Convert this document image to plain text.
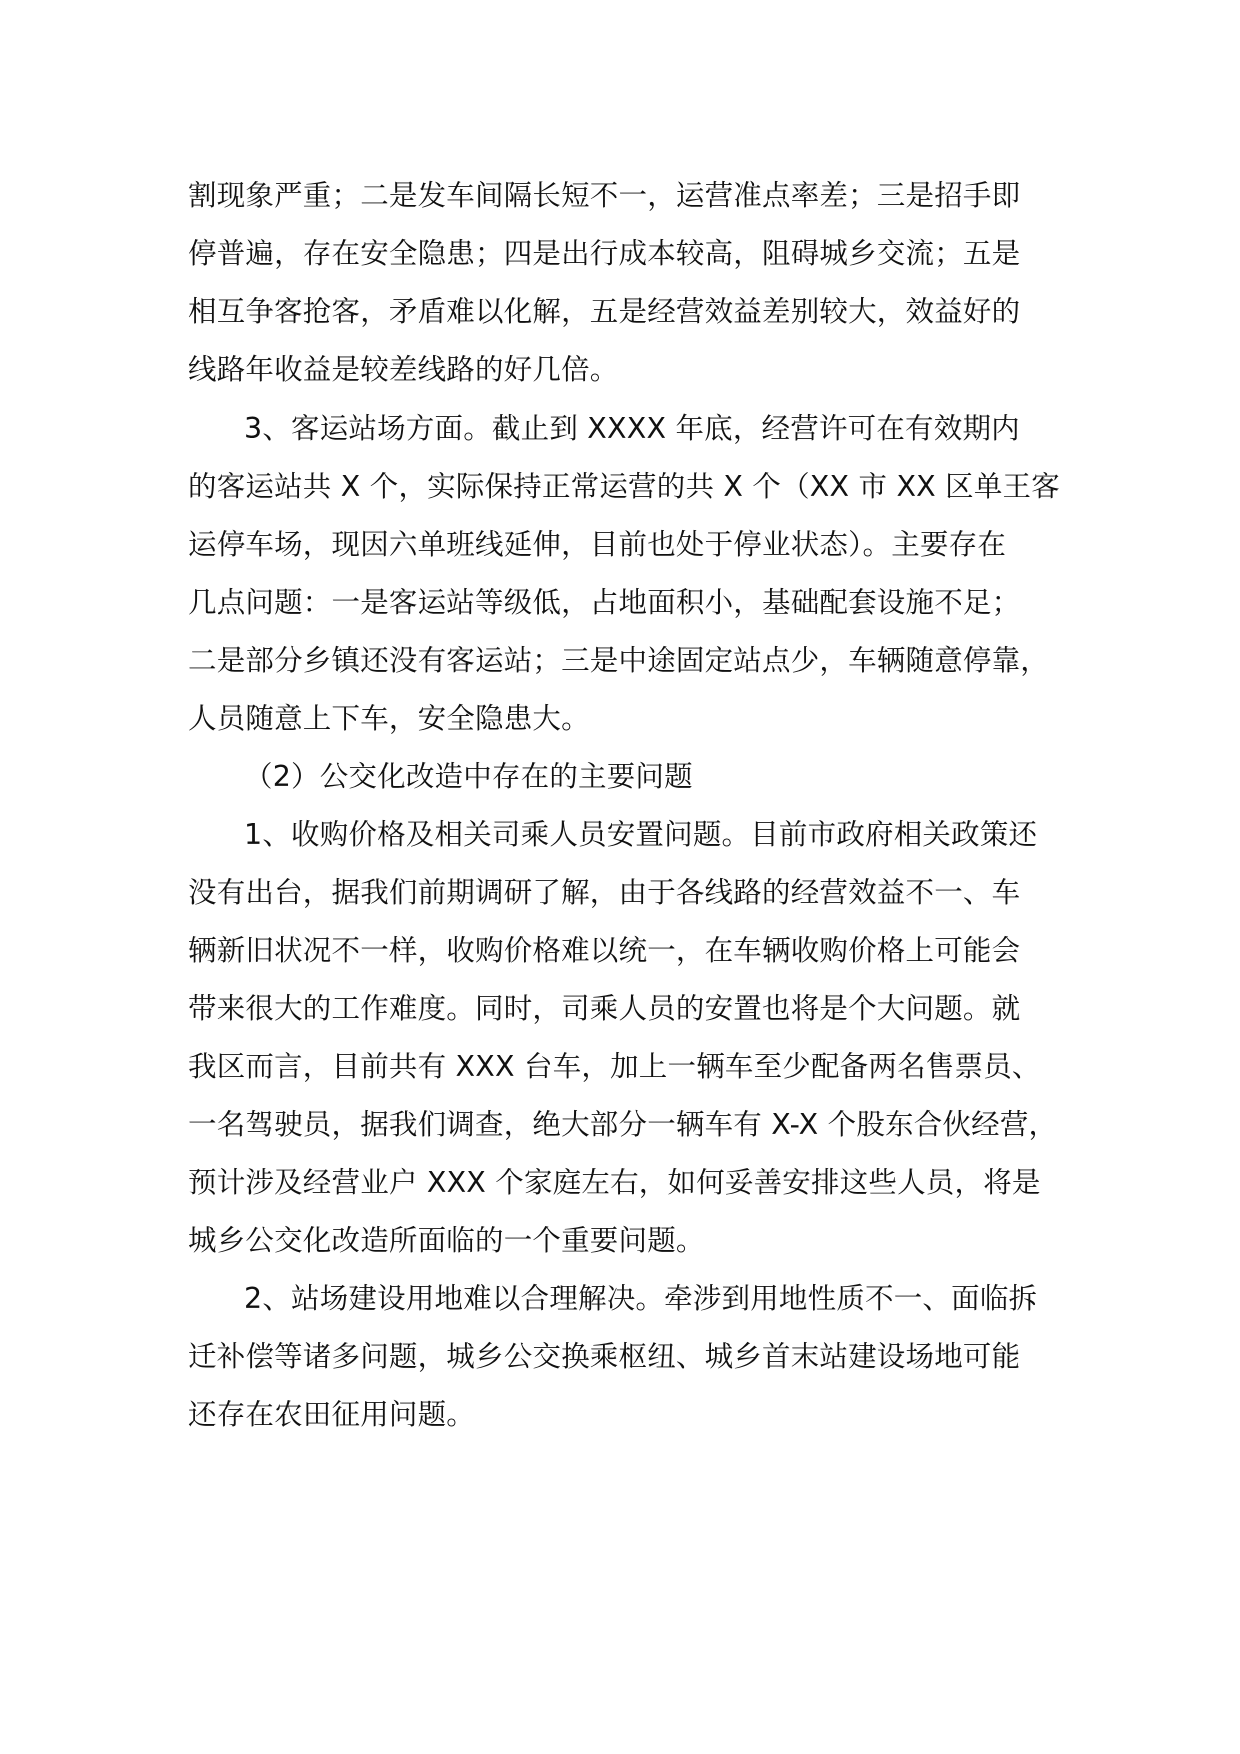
割现象严重；二是发车间隔长短不一，运营准点率差；三是招手即
停普遍，存在安全隐患；四是出行成本较高，阻碍城乡交流；五是
相互争客抢客，矛盾难以化解，五是经营效益差别较大，效益好的
线路年收益是较差线路的好几倍。
3、客运站场方面。截止到 XXXX 年底，经营许可在有效期内
的客运站共 X 个，实际保持正常运营的共 X 个（XX 市 XX 区单王客
运停车场，现因六单班线延伸，目前也处于停业状态）。主要存在
几点问题：一是客运站等级低，占地面积小，基础配套设施不足；
二是部分乡镇还没有客运站；三是中途固定站点少，车辆随意停靠，
人员随意上下车，安全隐患大。
（2）公交化改造中存在的主要问题
1、收购价格及相关司乘人员安置问题。目前市政府相关政策还
没有出台，据我们前期调研了解，由于各线路的经营效益不一、车
辆新旧状况不一样，收购价格难以统一，在车辆收购价格上可能会
带来很大的工作难度。同时，司乘人员的安置也将是个大问题。就
我区而言，目前共有 XXX 台车，加上一辆车至少配备两名售票员、
一名驾驶员，据我们调查，绝大部分一辆车有 X-X 个股东合伙经营，
预计涉及经营业户 XXX 个家庭左右，如何妥善安排这些人员，将是
城乡公交化改造所面临的一个重要问题。
2、站场建设用地难以合理解决。牵涉到用地性质不一、面临拆
迁补偿等诸多问题，城乡公交换乘枢纽、城乡首末站建设场地可能
还存在农田征用问题。
